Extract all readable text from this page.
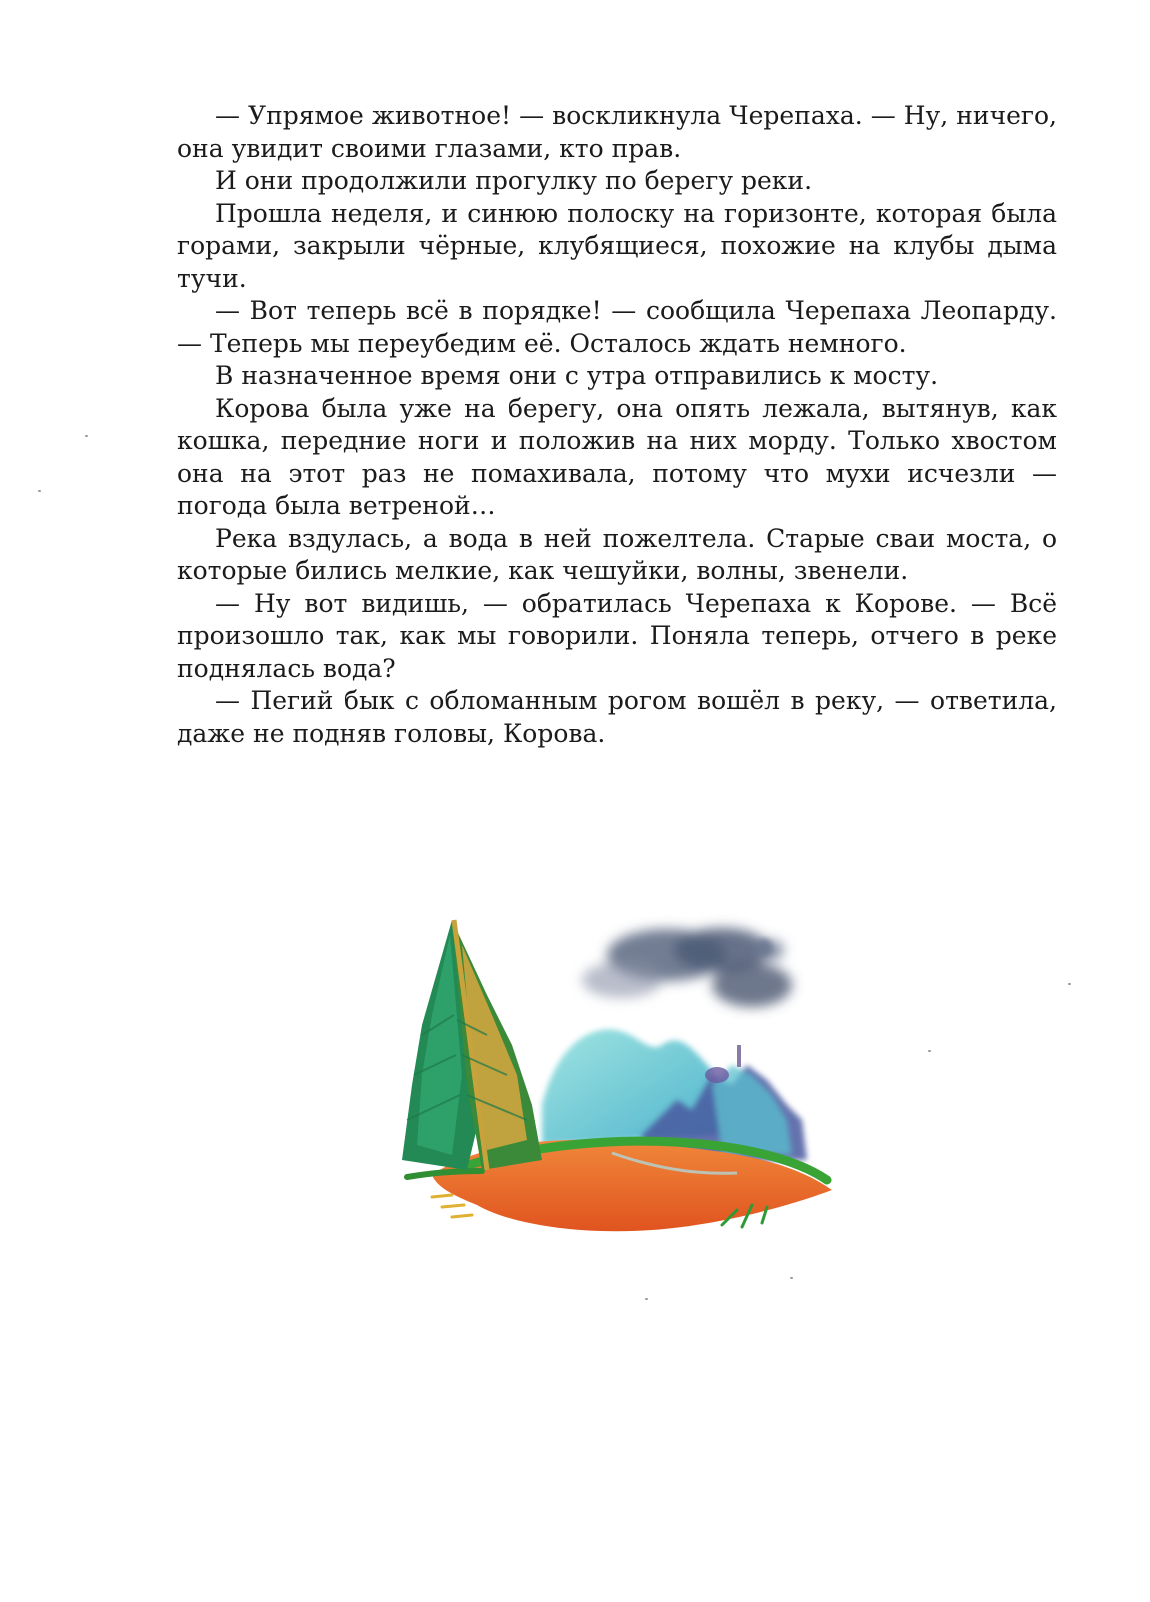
— Упрямое животное! — воскликнула Черепаха. — Ну, ничего, она увидит своими глазами, кто прав.

И они продолжили прогулку по берегу реки.

Прошла неделя, и синюю полоску на горизонте, которая была горами, закрыли чёрные, клубящиеся, похожие на клубы дыма тучи.

— Вот теперь всё в порядке! — сообщила Черепаха Леопарду. — Теперь мы переубедим её. Осталось ждать немного.

В назначенное время они с утра отправились к мосту.

Корова была уже на берегу, она опять лежала, вытянув, как кошка, передние ноги и положив на них морду. Только хвостом она на этот раз не помахивала, потому что мухи исчезли — погода была ветреной…

Река вздулась, а вода в ней пожелтела. Старые сваи моста, о которые бились мелкие, как чешуйки, волны, звенели.

— Ну вот видишь, — обратилась Черепаха к Корове. — Всё произошло так, как мы говорили. Поняла теперь, отчего в реке поднялась вода?

— Пегий бык с обломанным рогом вошёл в реку, — ответила, даже не подняв головы, Корова.
